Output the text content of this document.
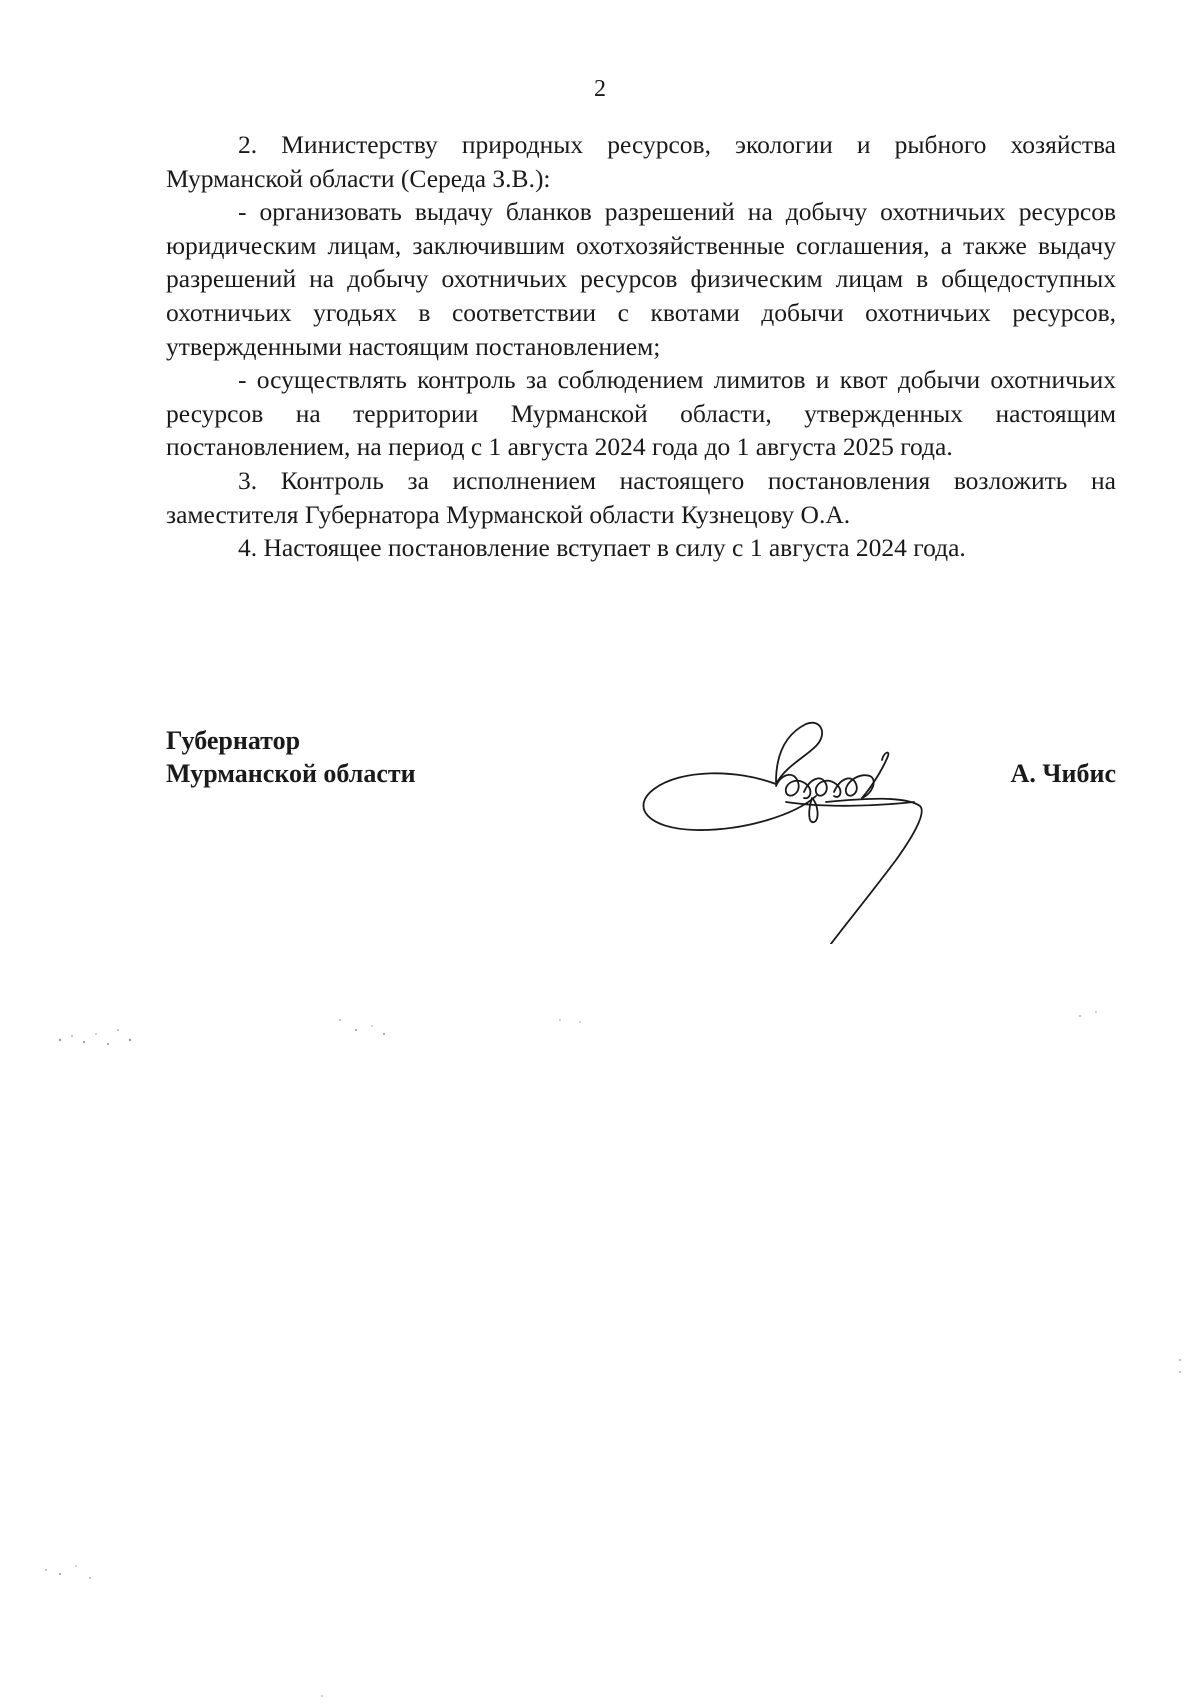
2

2. Министерству природных ресурсов, экологии и рыбного хозяйства Мурманской области (Середа З.В.):

- организовать выдачу бланков разрешений на добычу охотничьих ресурсов юридическим лицам, заключившим охотхозяйственные соглашения, а также выдачу разрешений на добычу охотничьих ресурсов физическим лицам в общедоступных охотничьих угодьях в соответствии с квотами добычи охотничьих ресурсов, утвержденными настоящим постановлением;

- осуществлять контроль за соблюдением лимитов и квот добычи охотничьих ресурсов на территории Мурманской области, утвержденных настоящим постановлением, на период с 1 августа 2024 года до 1 августа 2025 года.

3. Контроль за исполнением настоящего постановления возложить на заместителя Губернатора Мурманской области Кузнецову О.А.

4. Настоящее постановление вступает в силу с 1 августа 2024 года.

Губернатор
Мурманской области	А. Чибис
